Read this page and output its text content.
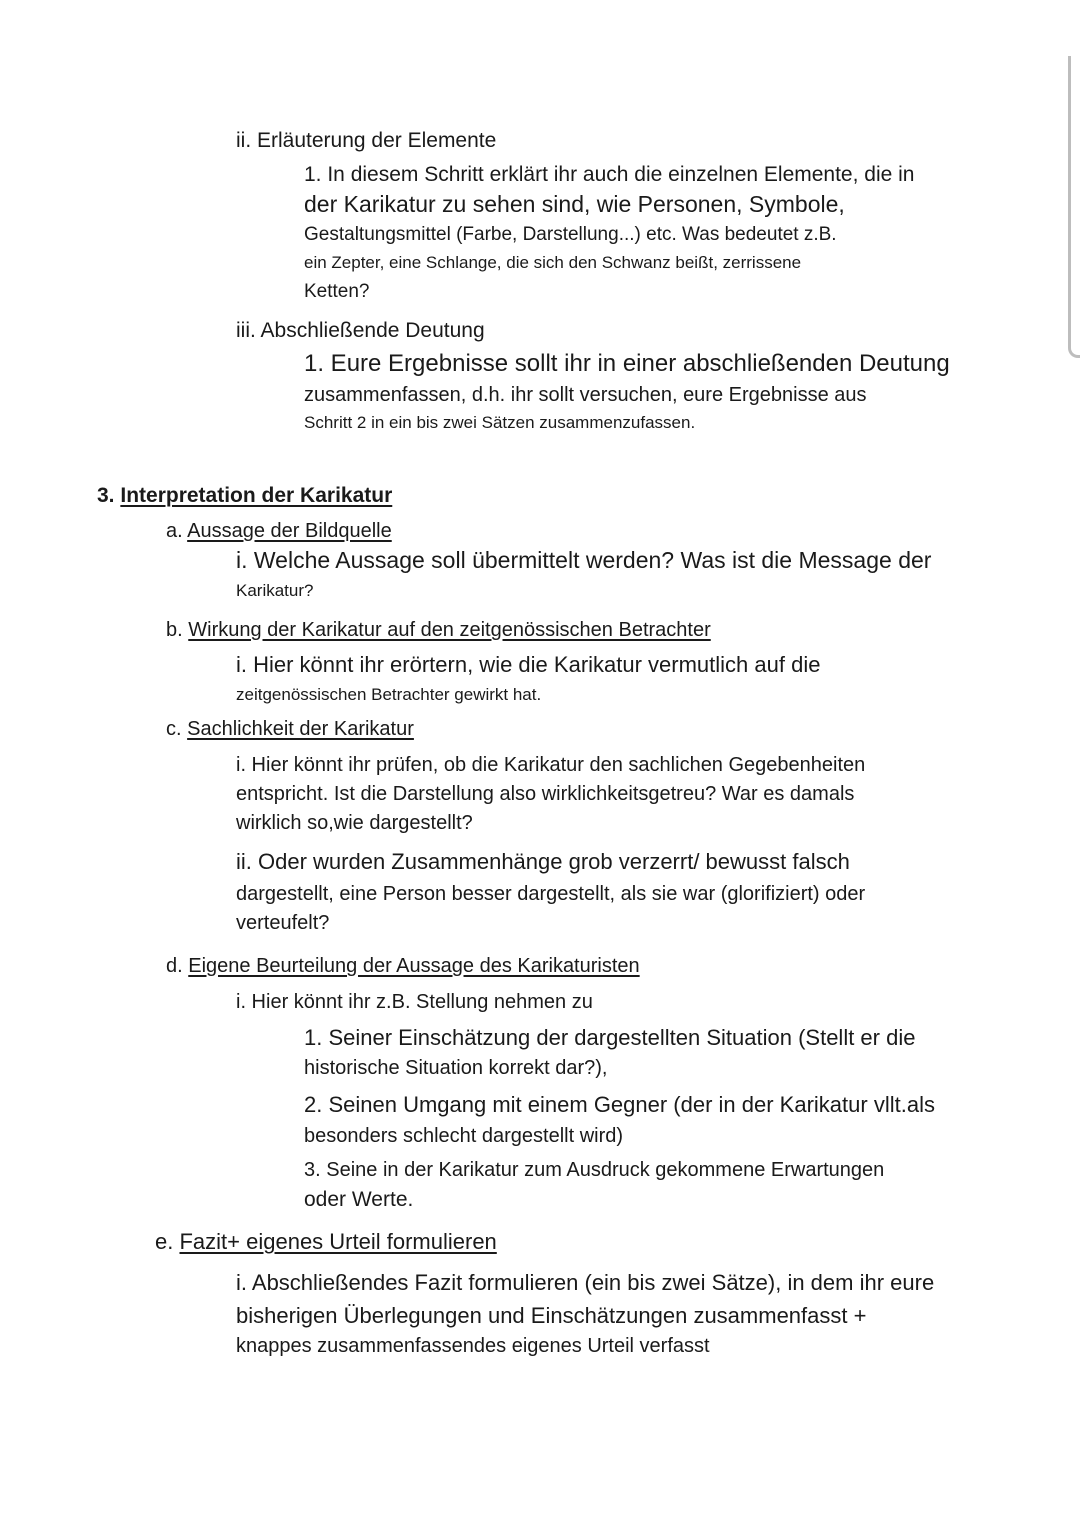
ii. Erläuterung der Elemente
1. In diesem Schritt erklärt ihr auch die einzelnen Elemente, die in
der Karikatur zu sehen sind, wie Personen, Symbole,
Gestaltungsmittel (Farbe, Darstellung...) etc. Was bedeutet z.B.
ein Zepter, eine Schlange, die sich den Schwanz beißt, zerrissene
Ketten?
iii. Abschließende Deutung
1. Eure Ergebnisse sollt ihr in einer abschließenden Deutung
zusammenfassen, d.h. ihr sollt versuchen, eure Ergebnisse aus
Schritt 2 in ein bis zwei Sätzen zusammenzufassen.
3. Interpretation der Karikatur
a. Aussage der Bildquelle
i. Welche Aussage soll übermittelt werden? Was ist die Message der
Karikatur?
b. Wirkung der Karikatur auf den zeitgenössischen Betrachter
i. Hier könnt ihr erörtern, wie die Karikatur vermutlich auf die
zeitgenössischen Betrachter gewirkt hat.
c. Sachlichkeit der Karikatur
i. Hier könnt ihr prüfen, ob die Karikatur den sachlichen Gegebenheiten
entspricht. Ist die Darstellung also wirklichkeitsgetreu? War es damals
wirklich so,wie dargestellt?
ii. Oder wurden Zusammenhänge grob verzerrt/ bewusst falsch
dargestellt, eine Person besser dargestellt, als sie war (glorifiziert) oder
verteufelt?
d. Eigene Beurteilung der Aussage des Karikaturisten
i. Hier könnt ihr z.B. Stellung nehmen zu
1. Seiner Einschätzung der dargestellten Situation (Stellt er die
historische Situation korrekt dar?),
2. Seinen Umgang mit einem Gegner (der in der Karikatur vllt.als
besonders schlecht dargestellt wird)
3. Seine in der Karikatur zum Ausdruck gekommene Erwartungen
oder Werte.
e. Fazit+ eigenes Urteil formulieren
i. Abschließendes Fazit formulieren (ein bis zwei Sätze), in dem ihr eure
bisherigen Überlegungen und Einschätzungen zusammenfasst +
knappes zusammenfassendes eigenes Urteil verfasst
